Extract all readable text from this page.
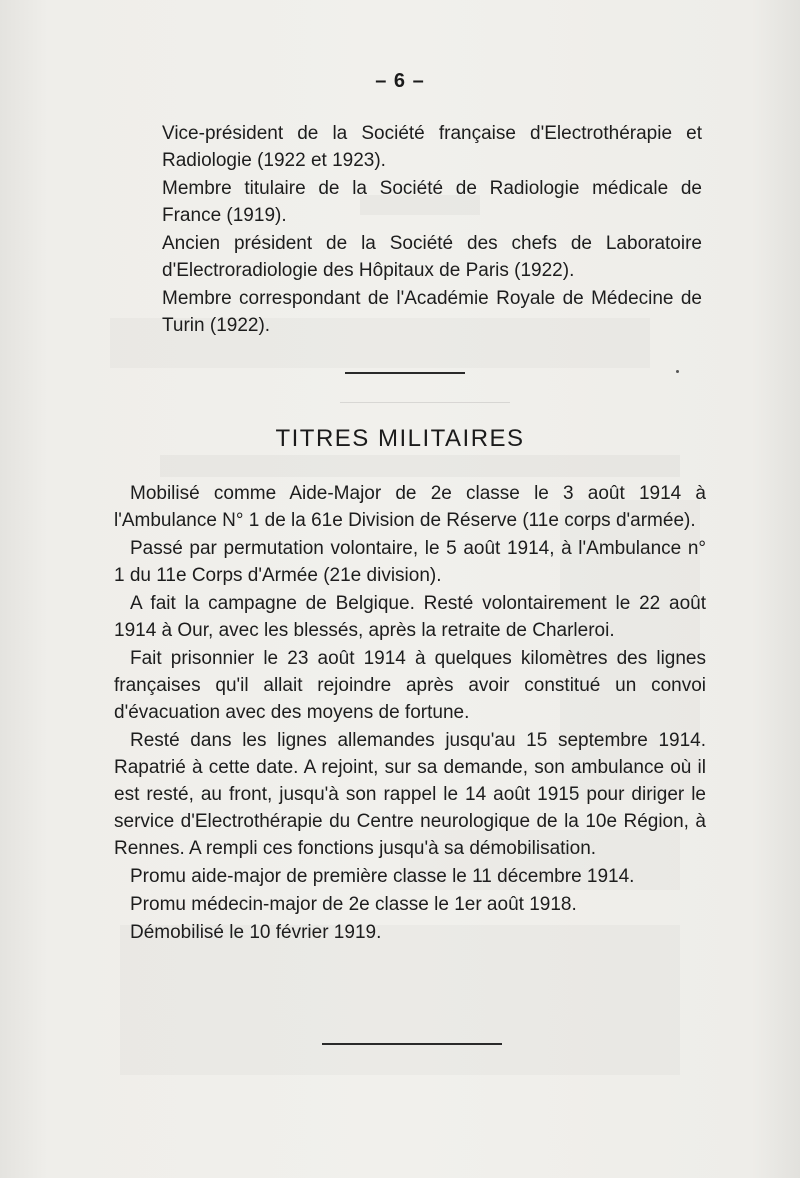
– 6 –

Vice-président de la Société française d'Electrothérapie et Radiologie (1922 et 1923).

Membre titulaire de la Société de Radiologie médicale de France (1919).

Ancien président de la Société des chefs de Laboratoire d'Electroradiologie des Hôpitaux de Paris (1922).

Membre correspondant de l'Académie Royale de Médecine de Turin (1922).

TITRES MILITAIRES

Mobilisé comme Aide-Major de 2e classe le 3 août 1914 à l'Ambulance N° 1 de la 61e Division de Réserve (11e corps d'armée).

Passé par permutation volontaire, le 5 août 1914, à l'Ambulance n° 1 du 11e Corps d'Armée (21e division).

A fait la campagne de Belgique. Resté volontairement le 22 août 1914 à Our, avec les blessés, après la retraite de Charleroi.

Fait prisonnier le 23 août 1914 à quelques kilomètres des lignes françaises qu'il allait rejoindre après avoir constitué un convoi d'évacuation avec des moyens de fortune.

Resté dans les lignes allemandes jusqu'au 15 septembre 1914. Rapatrié à cette date. A rejoint, sur sa demande, son ambulance où il est resté, au front, jusqu'à son rappel le 14 août 1915 pour diriger le service d'Electrothérapie du Centre neurologique de la 10e Région, à Rennes. A rempli ces fonctions jusqu'à sa démobilisation.

Promu aide-major de première classe le 11 décembre 1914.

Promu médecin-major de 2e classe le 1er août 1918.

Démobilisé le 10 février 1919.
